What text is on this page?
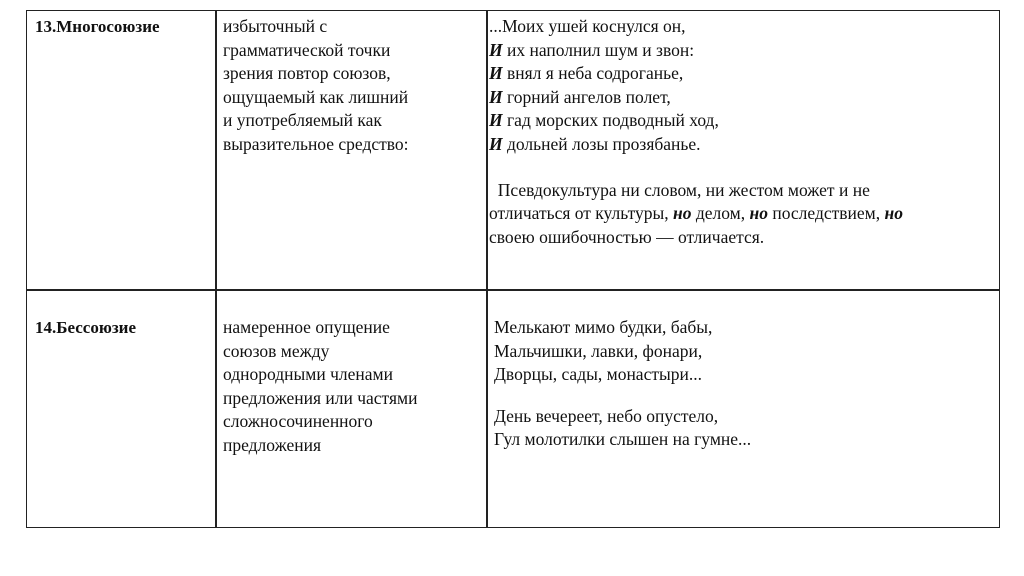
13.Многосоюзие	избыточный с
грамматической точки
зрения повтор союзов,
ощущаемый как лишний
и употребляемый как
выразительное средство:
...Моих ушей коснулся он,
И их наполнил шум и звон:
И внял я неба содроганье,
И горний ангелов полет,
И гад морских подводный ход,
И дольней лозы прозябанье.
Псевдокультура ни словом, ни жестом может и не
отличаться от культуры, но делом, но последствием, но
своею ошибочностью — отличается.
14.Бессоюзие	намеренное опущение
союзов между
однородными членами
предложения или частями
сложносочиненного
предложения
Мелькают мимо будки, бабы,
Мальчишки, лавки, фонари,
Дворцы, сады, монастыри...
День вечереет, небо опустело,
Гул молотилки слышен на гумне...
